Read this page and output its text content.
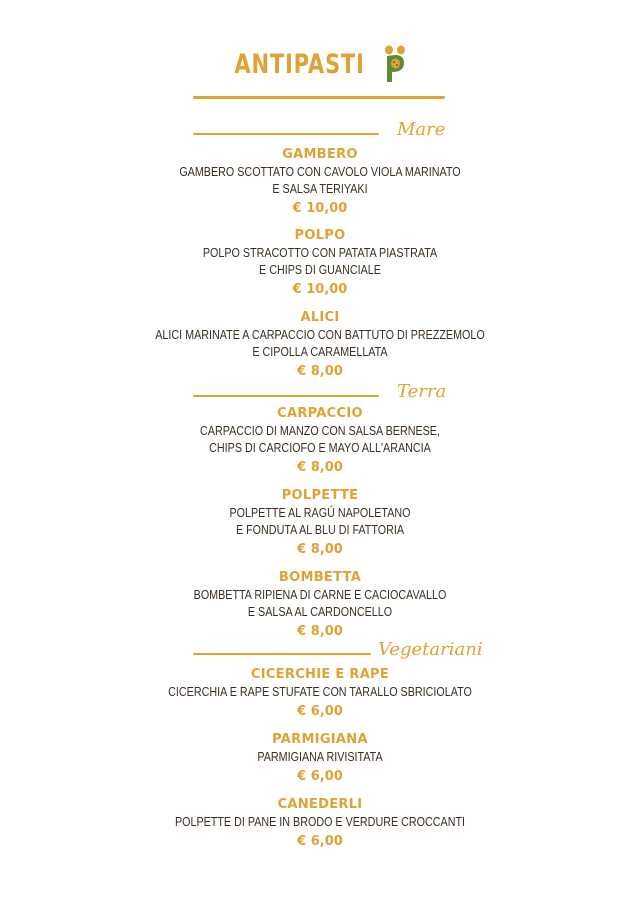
ANTIPASTI
Mare
GAMBERO
GAMBERO SCOTTATO CON CAVOLO VIOLA MARINATO
E SALSA TERIYAKI
€ 10,00
POLPO
POLPO STRACOTTO CON PATATA PIASTRATA
E CHIPS DI GUANCIALE
€ 10,00
ALICI
ALICI MARINATE A CARPACCIO CON BATTUTO DI PREZZEMOLO
E CIPOLLA CARAMELLATA
€ 8,00
Terra
CARPACCIO
CARPACCIO DI MANZO CON SALSA BERNESE,
CHIPS DI CARCIOFO E MAYO ALL'ARANCIA
€ 8,00
POLPETTE
POLPETTE AL RAGÚ NAPOLETANO
E FONDUTA AL BLU DI FATTORIA
€ 8,00
BOMBETTA
BOMBETTA RIPIENA DI CARNE E CACIOCAVALLO
E SALSA AL CARDONCELLO
€ 8,00
Vegetariani
CICERCHIE E RAPE
CICERCHIA E RAPE STUFATE CON TARALLO SBRICIOLATO
€ 6,00
PARMIGIANA
PARMIGIANA RIVISITATA
€ 6,00
CANEDERLI
POLPETTE DI PANE IN BRODO E VERDURE CROCCANTI
€ 6,00
